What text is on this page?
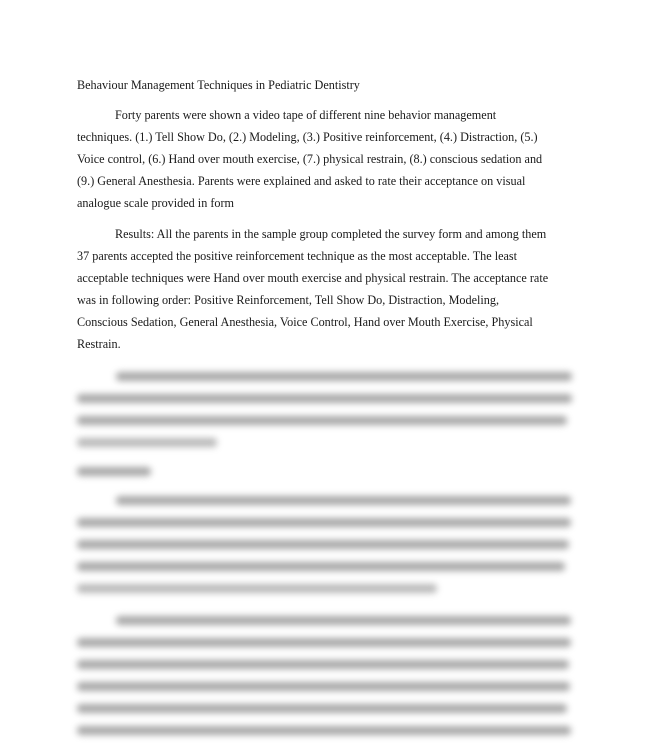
Behaviour Management Techniques in Pediatric Dentistry
Forty parents were shown a video tape of different nine behavior management
techniques. (1.) Tell Show Do, (2.) Modeling, (3.) Positive reinforcement, (4.) Distraction, (5.)
Voice control, (6.) Hand over mouth exercise, (7.) physical restrain, (8.) conscious sedation and
(9.) General Anesthesia. Parents were explained and asked to rate their acceptance on visual
analogue scale provided in form
Results: All the parents in the sample group completed the survey form and among them
37 parents accepted the positive reinforcement technique as the most acceptable. The least
acceptable techniques were Hand over mouth exercise and physical restrain. The acceptance rate
was in following order: Positive Reinforcement, Tell Show Do, Distraction, Modeling,
Conscious Sedation, General Anesthesia, Voice Control, Hand over Mouth Exercise, Physical
Restrain.
